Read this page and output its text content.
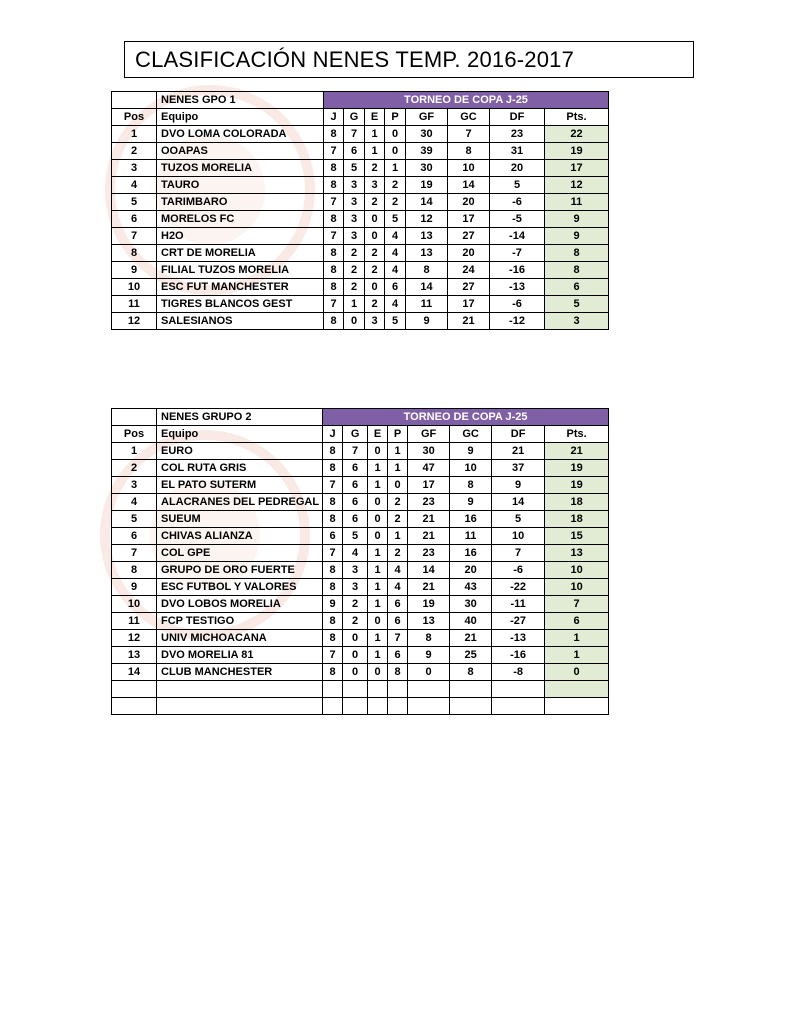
CLASIFICACIÓN NENES TEMP. 2016-2017
	NENES GPO 1	TORNEO DE COPA J-25							
Pos	Equipo	J	G	E	P	GF	GC	DF	Pts.
1	DVO LOMA COLORADA	8	7	1	0	30	7	23	22
2	OOAPAS	7	6	1	0	39	8	31	19
3	TUZOS MORELIA	8	5	2	1	30	10	20	17
4	TAURO	8	3	3	2	19	14	5	12
5	TARIMBARO	7	3	2	2	14	20	-6	11
6	MORELOS FC	8	3	0	5	12	17	-5	9
7	H2O	7	3	0	4	13	27	-14	9
8	CRT DE MORELIA	8	2	2	4	13	20	-7	8
9	FILIAL TUZOS MORELIA	8	2	2	4	8	24	-16	8
10	ESC FUT MANCHESTER	8	2	0	6	14	27	-13	6
11	TIGRES BLANCOS GEST	7	1	2	4	11	17	-6	5
12	SALESIANOS	8	0	3	5	9	21	-12	3
	NENES GRUPO 2	TORNEO DE COPA J-25							
Pos	Equipo	J	G	E	P	GF	GC	DF	Pts.
1	EURO	8	7	0	1	30	9	21	21
2	COL RUTA GRIS	8	6	1	1	47	10	37	19
3	EL PATO SUTERM	7	6	1	0	17	8	9	19
4	ALACRANES DEL PEDREGAL	8	6	0	2	23	9	14	18
5	SUEUM	8	6	0	2	21	16	5	18
6	CHIVAS ALIANZA	6	5	0	1	21	11	10	15
7	COL GPE	7	4	1	2	23	16	7	13
8	GRUPO DE ORO FUERTE	8	3	1	4	14	20	-6	10
9	ESC FUTBOL Y VALORES	8	3	1	4	21	43	-22	10
10	DVO LOBOS MORELIA	9	2	1	6	19	30	-11	7
11	FCP TESTIGO	8	2	0	6	13	40	-27	6
12	UNIV MICHOACANA	8	0	1	7	8	21	-13	1
13	DVO MORELIA 81	7	0	1	6	9	25	-16	1
14	CLUB MANCHESTER	8	0	0	8	0	8	-8	0
